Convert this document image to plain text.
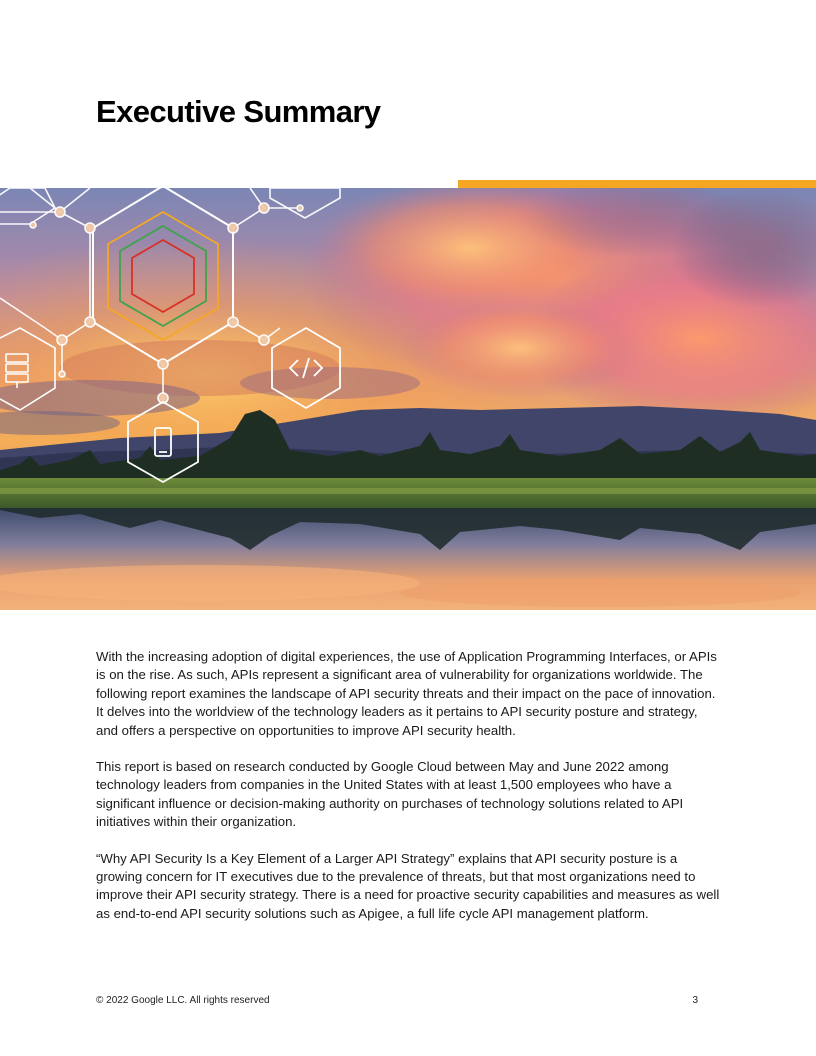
Executive Summary

With the increasing adoption of digital experiences, the use of Application Programming Interfaces, or APIs is on the rise. As such, APIs represent a significant area of vulnerability for organizations worldwide. The following report examines the landscape of API security threats and their impact on the pace of innovation. It delves into the worldview of the technology leaders as it pertains to API security posture and strategy, and offers a perspective on opportunities to improve API security health.

This report is based on research conducted by Google Cloud between May and June 2022 among technology leaders from companies in the United States with at least 1,500 employees who have a significant influence or decision-making authority on purchases of technology solutions related to API initiatives within their organization.

“Why API Security Is a Key Element of a Larger API Strategy” explains that API security posture is a growing concern for IT executives due to the prevalence of threats, but that most organizations need to improve their API security strategy. There is a need for proactive security capabilities and measures as well as end-to-end API security solutions such as Apigee, a full life cycle API management platform.

© 2022 Google LLC. All rights reserved	3
